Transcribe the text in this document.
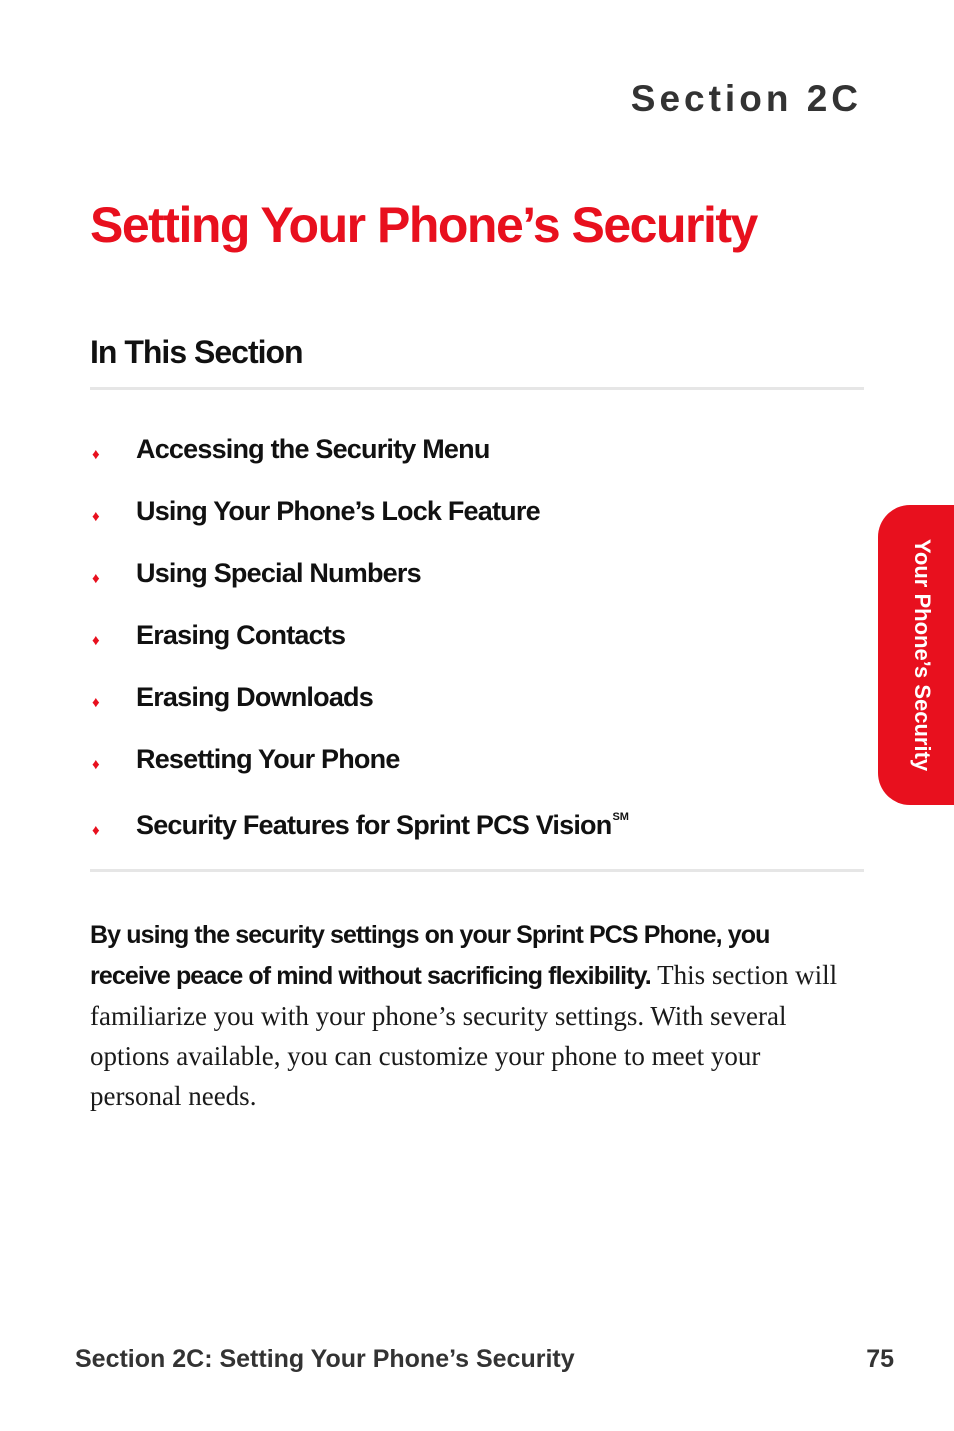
Section 2C
Setting Your Phone’s Security
In This Section
♦	Accessing the Security Menu
♦	Using Your Phone’s Lock Feature
♦	Using Special Numbers
♦	Erasing Contacts
♦	Erasing Downloads
♦	Resetting Your Phone
♦	Security Features for Sprint PCS Vision℠

By using the security settings on your Sprint PCS Phone, you receive peace of mind without sacrificing flexibility. This section will familiarize you with your phone’s security settings. With several options available, you can customize your phone to meet your personal needs.

Your Phone’s Security
Section 2C: Setting Your Phone’s Security	75
